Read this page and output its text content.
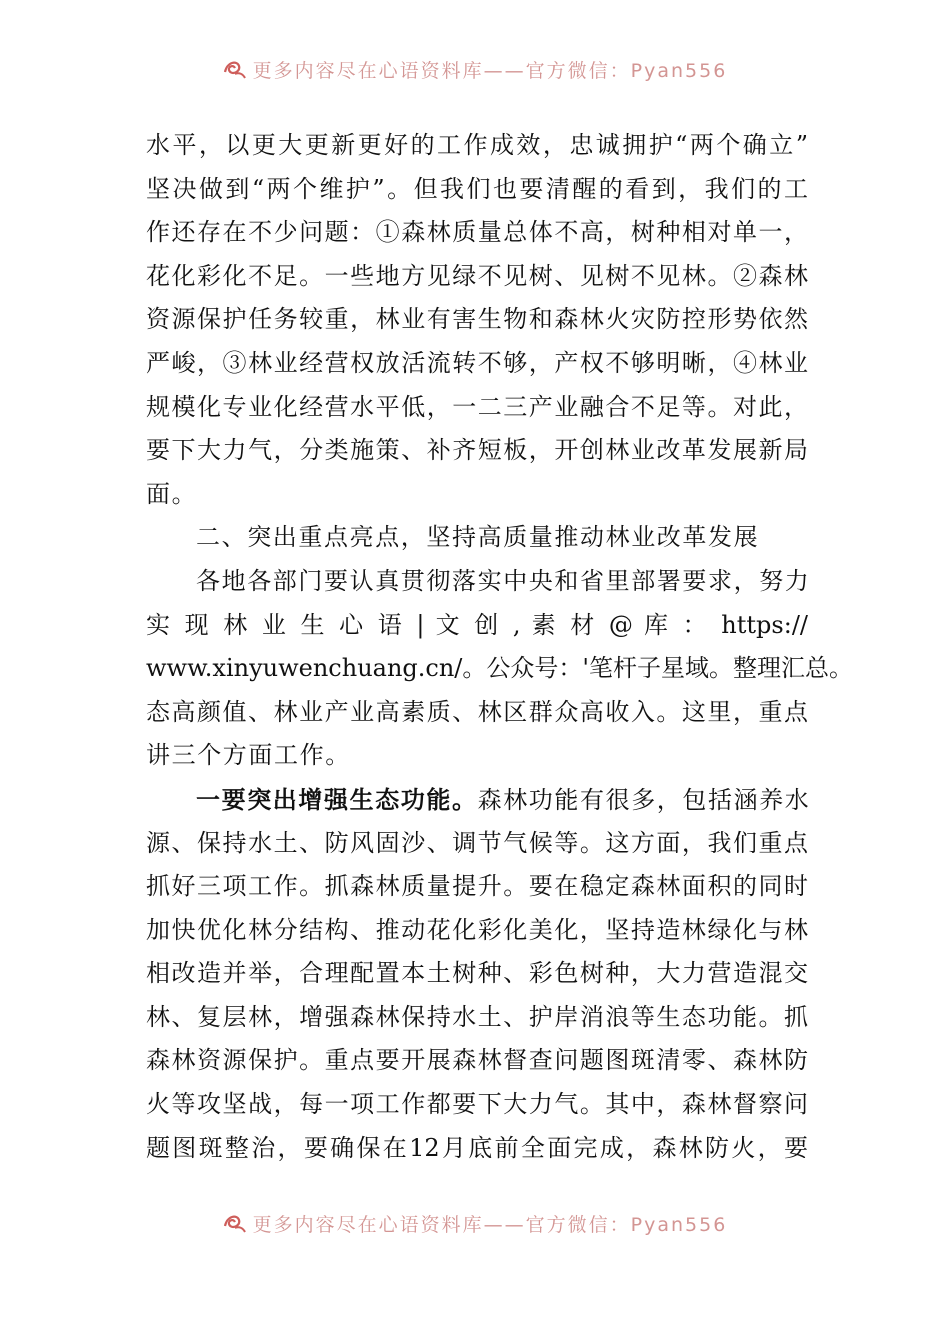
更多内容尽在心语资料库——官方微信：Pyan556
水平，以更大更新更好的工作成效，忠诚拥护“两个确立”
坚决做到“两个维护”。但我们也要清醒的看到，我们的工
作还存在不少问题：①森林质量总体不高，树种相对单一，
花化彩化不足。一些地方见绿不见树、见树不见林。②森林
资源保护任务较重，林业有害生物和森林火灾防控形势依然
严峻，③林业经营权放活流转不够，产权不够明晰，④林业
规模化专业化经营水平低，一二三产业融合不足等。对此，
要下大力气，分类施策、补齐短板，开创林业改革发展新局
面。
二、突出重点亮点，坚持高质量推动林业改革发展
各地各部门要认真贯彻落实中央和省里部署要求，努力
实 现 林 业 生 心 语 | 文 创 , 素 材 @ 库 ： https://
www.xinyuwenchuang.cn/。公众号：'笔杆子星域。整理汇总。
态高颜值、林业产业高素质、林区群众高收入。这里，重点
讲三个方面工作。
一要突出增强生态功能。森林功能有很多，包括涵养水
源、保持水土、防风固沙、调节气候等。这方面，我们重点
抓好三项工作。抓森林质量提升。要在稳定森林面积的同时
加快优化林分结构、推动花化彩化美化，坚持造林绿化与林
相改造并举，合理配置本土树种、彩色树种，大力营造混交
林、复层林，增强森林保持水土、护岸消浪等生态功能。抓
森林资源保护。重点要开展森林督查问题图斑清零、森林防
火等攻坚战，每一项工作都要下大力气。其中，森林督察问
题图斑整治，要确保在12月底前全面完成，森林防火，要
更多内容尽在心语资料库——官方微信：Pyan556
